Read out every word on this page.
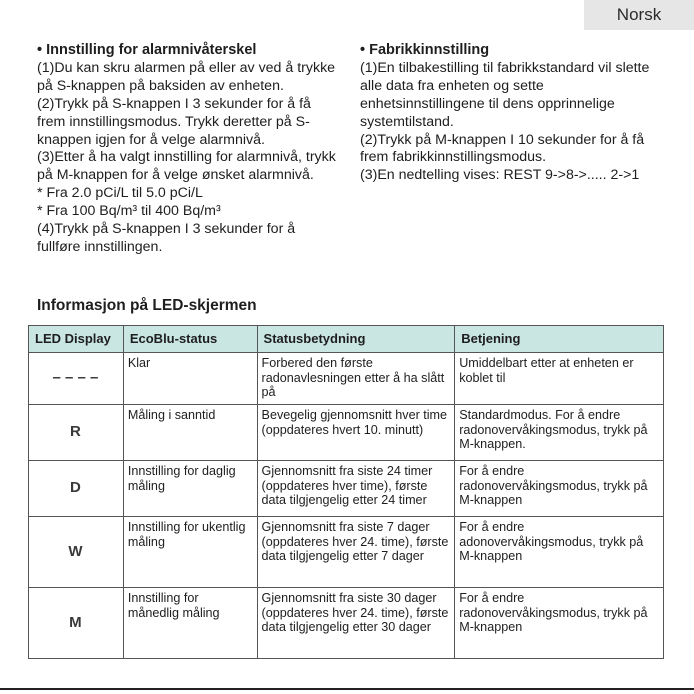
Norsk

• Innstilling for alarmnivåterskel

(1)Du kan skru alarmen på eller av ved å trykke på S-knappen på baksiden av enheten.

(2)Trykk på S-knappen I 3 sekunder for å få frem innstillingsmodus. Trykk deretter på S-knappen igjen for å velge alarmnivå.

(3)Etter å ha valgt innstilling for alarmnivå, trykk på M-knappen for å velge ønsket alarmnivå.

* Fra 2.0 pCi/L til 5.0 pCi/L

* Fra 100 Bq/m³ til 400 Bq/m³

(4)Trykk på S-knappen I 3 sekunder for å fullføre innstillingen.

• Fabrikkinnstilling

(1)En tilbakestilling til fabrikkstandard vil slette alle data fra enheten og sette enhetsinnstillingene til dens opprinnelige systemtilstand.

(2)Trykk på M-knappen I 10 sekunder for å få frem fabrikkinnstillingsmodus.

(3)En nedtelling vises: REST 9->8->..... 2->1

Informasjon på LED-skjermen
LED Display	EcoBlu-status	Statusbetydning	Betjening
– – – –	Klar	Forbered den første radonavlesningen etter å ha slått på	Umiddelbart etter at enheten er koblet til
R	Måling i sanntid	Bevegelig gjennomsnitt hver time (oppdateres hvert 10. minutt)	Standardmodus. For å endre radonovervåkingsmodus, trykk på M-knappen.
D	Innstilling for daglig måling	Gjennomsnitt fra siste 24 timer (oppdateres hver time), første data tilgjengelig etter 24 timer	For å endre radonovervåkingsmodus, trykk på M-knappen
W	Innstilling for ukentlig måling	Gjennomsnitt fra siste 7 dager (oppdateres hver 24. time), første data tilgjengelig etter 7 dager	For å endre adonovervåkingsmodus, trykk på M-knappen
M	Innstilling for månedlig måling	Gjennomsnitt fra siste 30 dager (oppdateres hver 24. time), første data tilgjengelig etter 30 dager	For å endre radonovervåkingsmodus, trykk på M-knappen
